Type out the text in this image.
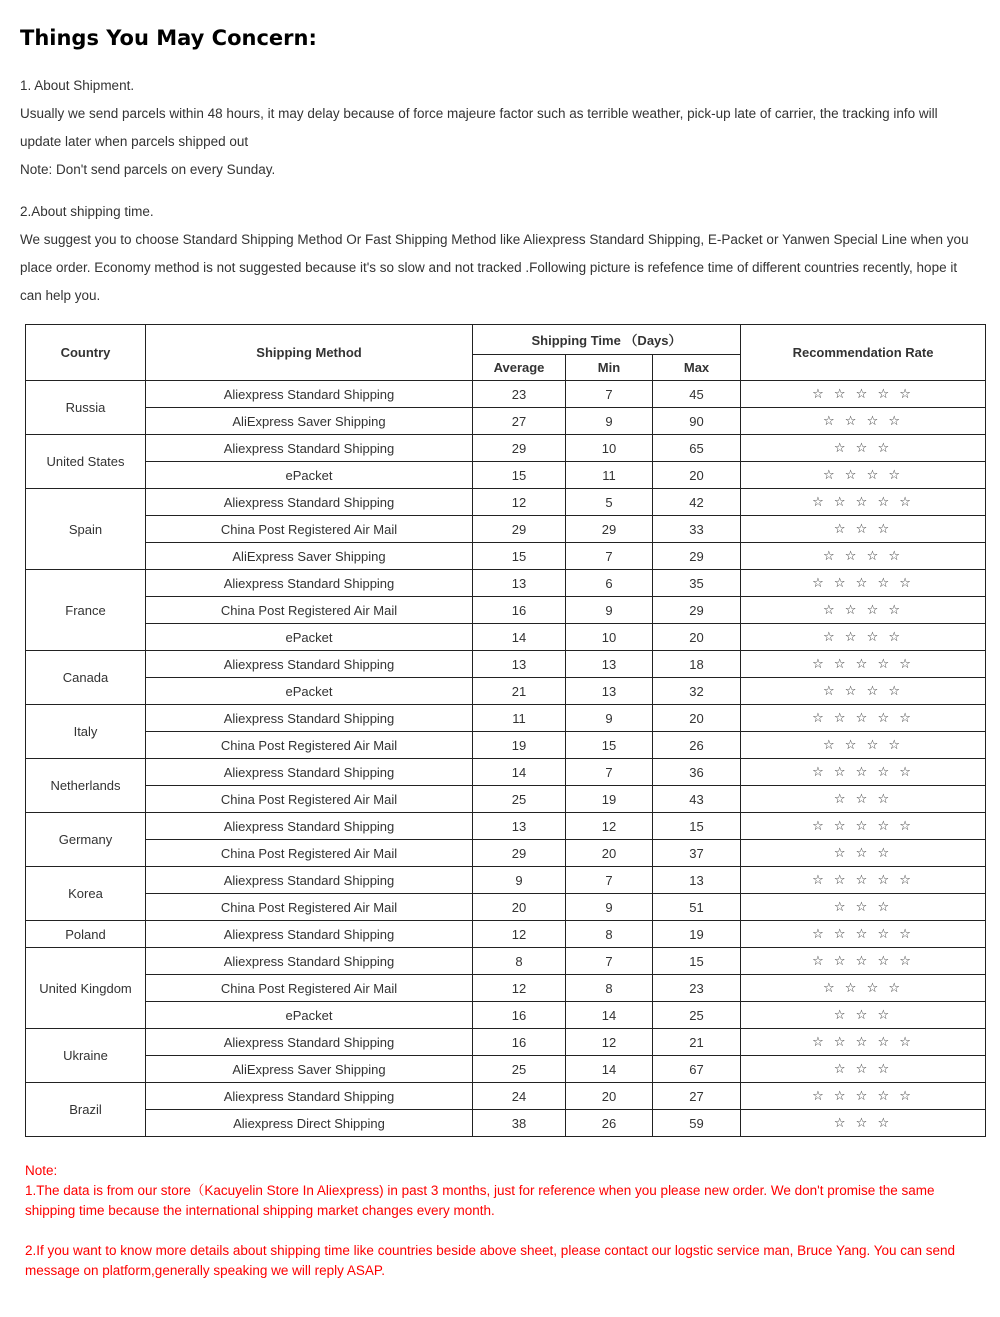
Things You May Concern:

1. About Shipment.

Usually we send parcels within 48 hours, it may delay because of force majeure factor such as terrible weather, pick-up late of carrier, the tracking info will update later when parcels shipped out

Note: Don't send parcels on every Sunday.

2.About shipping time.

We suggest you to choose Standard Shipping Method Or Fast Shipping Method like Aliexpress Standard Shipping, E-Packet or Yanwen Special Line when you place order. Economy method is not suggested because it's so slow and not tracked .Following picture is refefence time of different countries recently, hope it can help you.

Country	Shipping Method	Shipping Time （Days）			Recommendation Rate
		Average	Min	Max	
Russia	Aliexpress Standard Shipping	23	7	45	☆ ☆ ☆ ☆ ☆
	AliExpress Saver Shipping	27	9	90	☆ ☆ ☆ ☆
United States	Aliexpress Standard Shipping	29	10	65	☆ ☆ ☆
	ePacket	15	11	20	☆ ☆ ☆ ☆
Spain	Aliexpress Standard Shipping	12	5	42	☆ ☆ ☆ ☆ ☆
	China Post Registered Air Mail	29	29	33	☆ ☆ ☆
	AliExpress Saver Shipping	15	7	29	☆ ☆ ☆ ☆
France	Aliexpress Standard Shipping	13	6	35	☆ ☆ ☆ ☆ ☆
	China Post Registered Air Mail	16	9	29	☆ ☆ ☆ ☆
	ePacket	14	10	20	☆ ☆ ☆ ☆
Canada	Aliexpress Standard Shipping	13	13	18	☆ ☆ ☆ ☆ ☆
	ePacket	21	13	32	☆ ☆ ☆ ☆
Italy	Aliexpress Standard Shipping	11	9	20	☆ ☆ ☆ ☆ ☆
	China Post Registered Air Mail	19	15	26	☆ ☆ ☆ ☆
Netherlands	Aliexpress Standard Shipping	14	7	36	☆ ☆ ☆ ☆ ☆
	China Post Registered Air Mail	25	19	43	☆ ☆ ☆
Germany	Aliexpress Standard Shipping	13	12	15	☆ ☆ ☆ ☆ ☆
	China Post Registered Air Mail	29	20	37	☆ ☆ ☆
Korea	Aliexpress Standard Shipping	9	7	13	☆ ☆ ☆ ☆ ☆
	China Post Registered Air Mail	20	9	51	☆ ☆ ☆
Poland	Aliexpress Standard Shipping	12	8	19	☆ ☆ ☆ ☆ ☆
United Kingdom	Aliexpress Standard Shipping	8	7	15	☆ ☆ ☆ ☆ ☆
	China Post Registered Air Mail	12	8	23	☆ ☆ ☆ ☆
	ePacket	16	14	25	☆ ☆ ☆
Ukraine	Aliexpress Standard Shipping	16	12	21	☆ ☆ ☆ ☆ ☆
	AliExpress Saver Shipping	25	14	67	☆ ☆ ☆
Brazil	Aliexpress Standard Shipping	24	20	27	☆ ☆ ☆ ☆ ☆
	Aliexpress Direct Shipping	38	26	59	☆ ☆ ☆
Note:

1.The data is from our store（Kacuyelin Store In Aliexpress) in past 3 months, just for reference when you please new order. We don't promise the same shipping time because the international shipping market changes every month.

2.If you want to know more details about shipping time like countries beside above sheet, please contact our logstic service man, Bruce Yang. You can send message on platform,generally speaking we will reply ASAP.
